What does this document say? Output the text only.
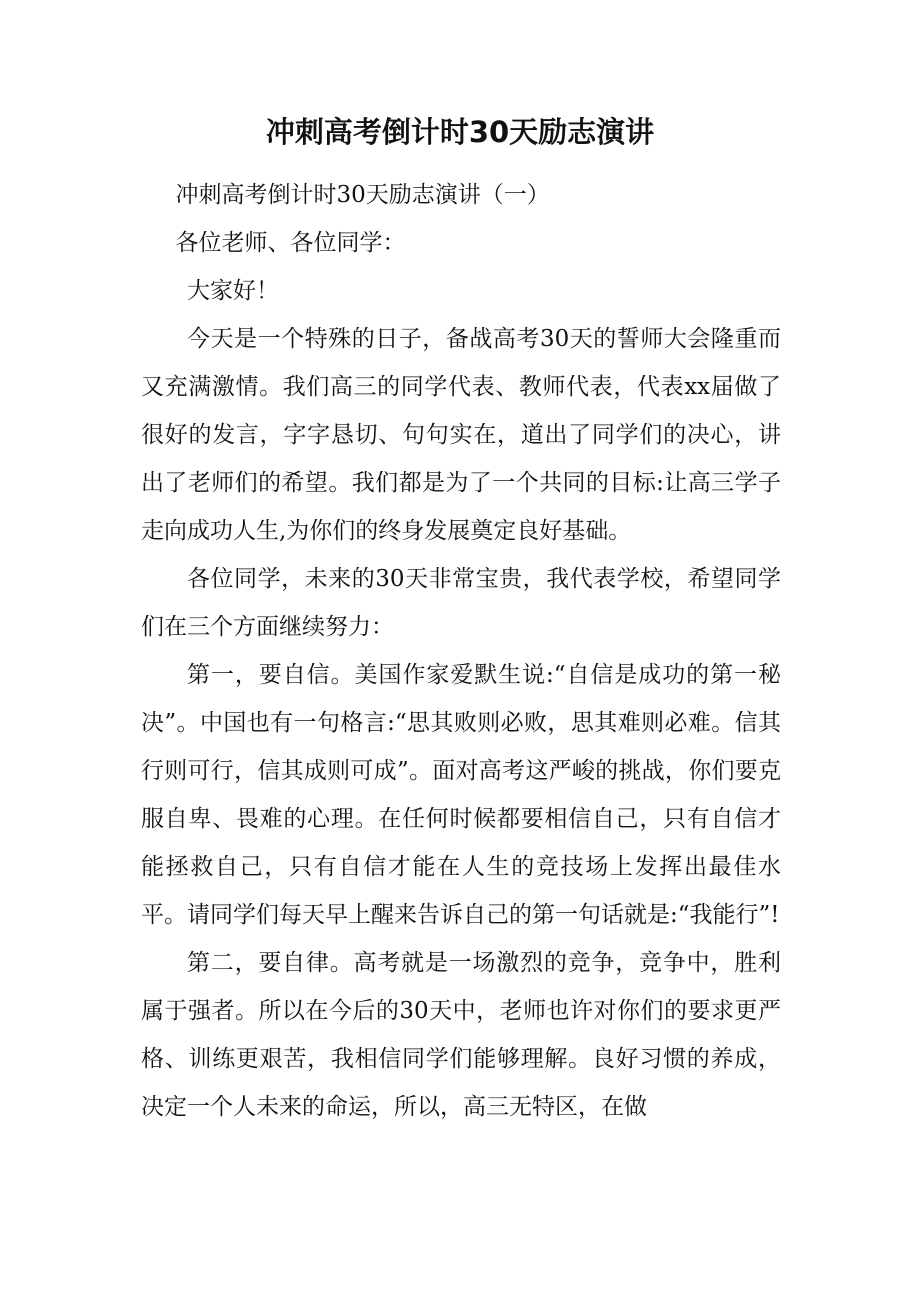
冲刺高考倒计时30天励志演讲

冲刺高考倒计时30天励志演讲（一）

各位老师、各位同学：

大家好！

今天是一个特殊的日子，备战高考30天的誓师大会隆重而又充满激情。我们高三的同学代表、教师代表，代表xx届做了很好的发言，字字恳切、句句实在，道出了同学们的决心，讲出了老师们的希望。我们都是为了一个共同的目标:让高三学子走向成功人生,为你们的终身发展奠定良好基础。

各位同学，未来的30天非常宝贵，我代表学校，希望同学们在三个方面继续努力：

第一，要自信。美国作家爱默生说:“自信是成功的第一秘决”。中国也有一句格言:“思其败则必败，思其难则必难。信其行则可行，信其成则可成”。面对高考这严峻的挑战，你们要克服自卑、畏难的心理。在任何时候都要相信自己，只有自信才能拯救自己，只有自信才能在人生的竞技场上发挥出最佳水平。请同学们每天早上醒来告诉自己的第一句话就是:“我能行”!

第二，要自律。高考就是一场激烈的竞争，竞争中，胜利属于强者。所以在今后的30天中，老师也许对你们的要求更严格、训练更艰苦，我相信同学们能够理解。良好习惯的养成，决定一个人未来的命运，所以，高三无特区，在做
